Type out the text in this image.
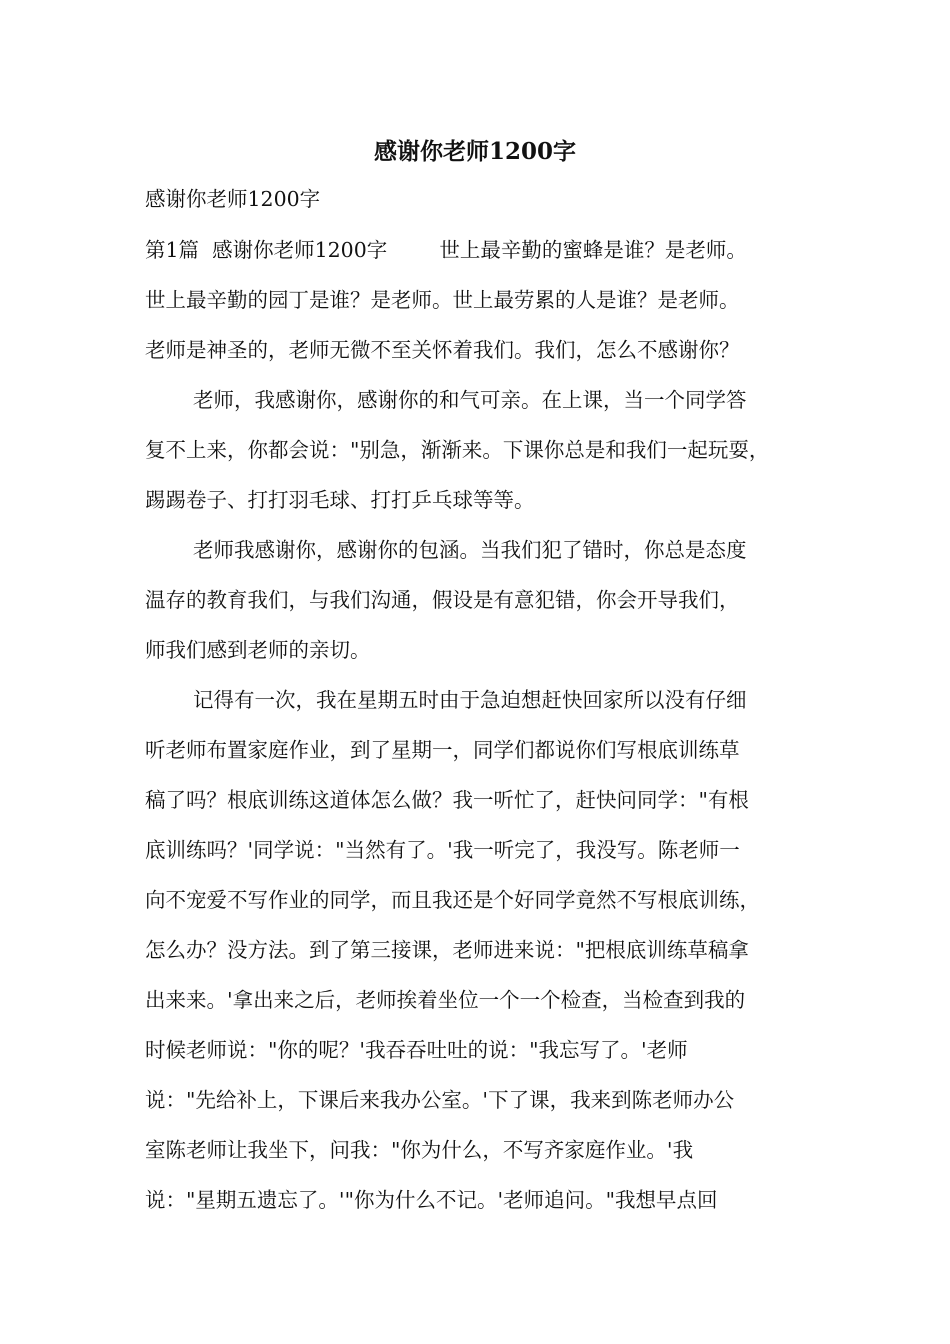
感谢你老师1200字

感谢你老师1200字

第1篇  感谢你老师1200字        世上最辛勤的蜜蜂是谁？是老师。

世上最辛勤的园丁是谁？是老师。世上最劳累的人是谁？是老师。

老师是神圣的，老师无微不至关怀着我们。我们，怎么不感谢你？

老师，我感谢你，感谢你的和气可亲。在上课，当一个同学答

复不上来，你都会说："别急，渐渐来。下课你总是和我们一起玩耍，

踢踢卷子、打打羽毛球、打打乒乓球等等。

老师我感谢你，感谢你的包涵。当我们犯了错时，你总是态度

温存的教育我们，与我们沟通，假设是有意犯错，你会开导我们，

师我们感到老师的亲切。

记得有一次，我在星期五时由于急迫想赶快回家所以没有仔细

听老师布置家庭作业，到了星期一，同学们都说你们写根底训练草

稿了吗？根底训练这道体怎么做？我一听忙了，赶快问同学："有根

底训练吗？'同学说："当然有了。'我一听完了，我没写。陈老师一

向不宠爱不写作业的同学，而且我还是个好同学竟然不写根底训练，

怎么办？没方法。到了第三接课，老师进来说："把根底训练草稿拿

出来来。'拿出来之后，老师挨着坐位一个一个检查，当检查到我的

时候老师说："你的呢？'我吞吞吐吐的说："我忘写了。'老师

说："先给补上，下课后来我办公室。'下了课，我来到陈老师办公

室陈老师让我坐下，问我："你为什么，不写齐家庭作业。'我

说："星期五遗忘了。'"你为什么不记。'老师追问。"我想早点回
